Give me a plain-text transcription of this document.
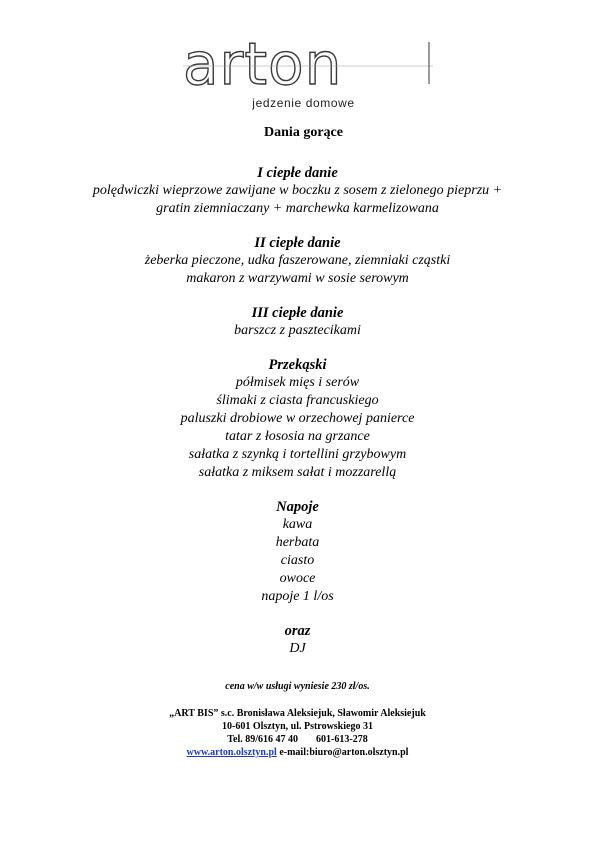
arton
jedzenie domowe
Dania gorące
I ciepłe danie
polędwiczki wieprzowe zawijane w boczku z sosem z zielonego pieprzu +
gratin ziemniaczany + marchewka karmelizowana
II ciepłe danie
żeberka pieczone, udka faszerowane, ziemniaki cząstki
makaron z warzywami w sosie serowym
III ciepłe danie
barszcz z pasztecikami
Przekąski
półmisek mięs i serów
ślimaki z ciasta francuskiego
paluszki drobiowe w orzechowej panierce
tatar z łososia na grzance
sałatka z szynką i tortellini grzybowym
sałatka z miksem sałat i mozzarellą
Napoje
kawa
herbata
ciasto
owoce
napoje 1 l/os
oraz
DJ
cena w/w usługi wyniesie 230 zł/os.
„ART BIS” s.c. Bronisława Aleksiejuk, Sławomir Aleksiejuk
10-601 Olsztyn, ul. Pstrowskiego 31
Tel. 89/616 47 40 601-613-278
www.arton.olsztyn.pl e-mail:biuro@arton.olsztyn.pl
